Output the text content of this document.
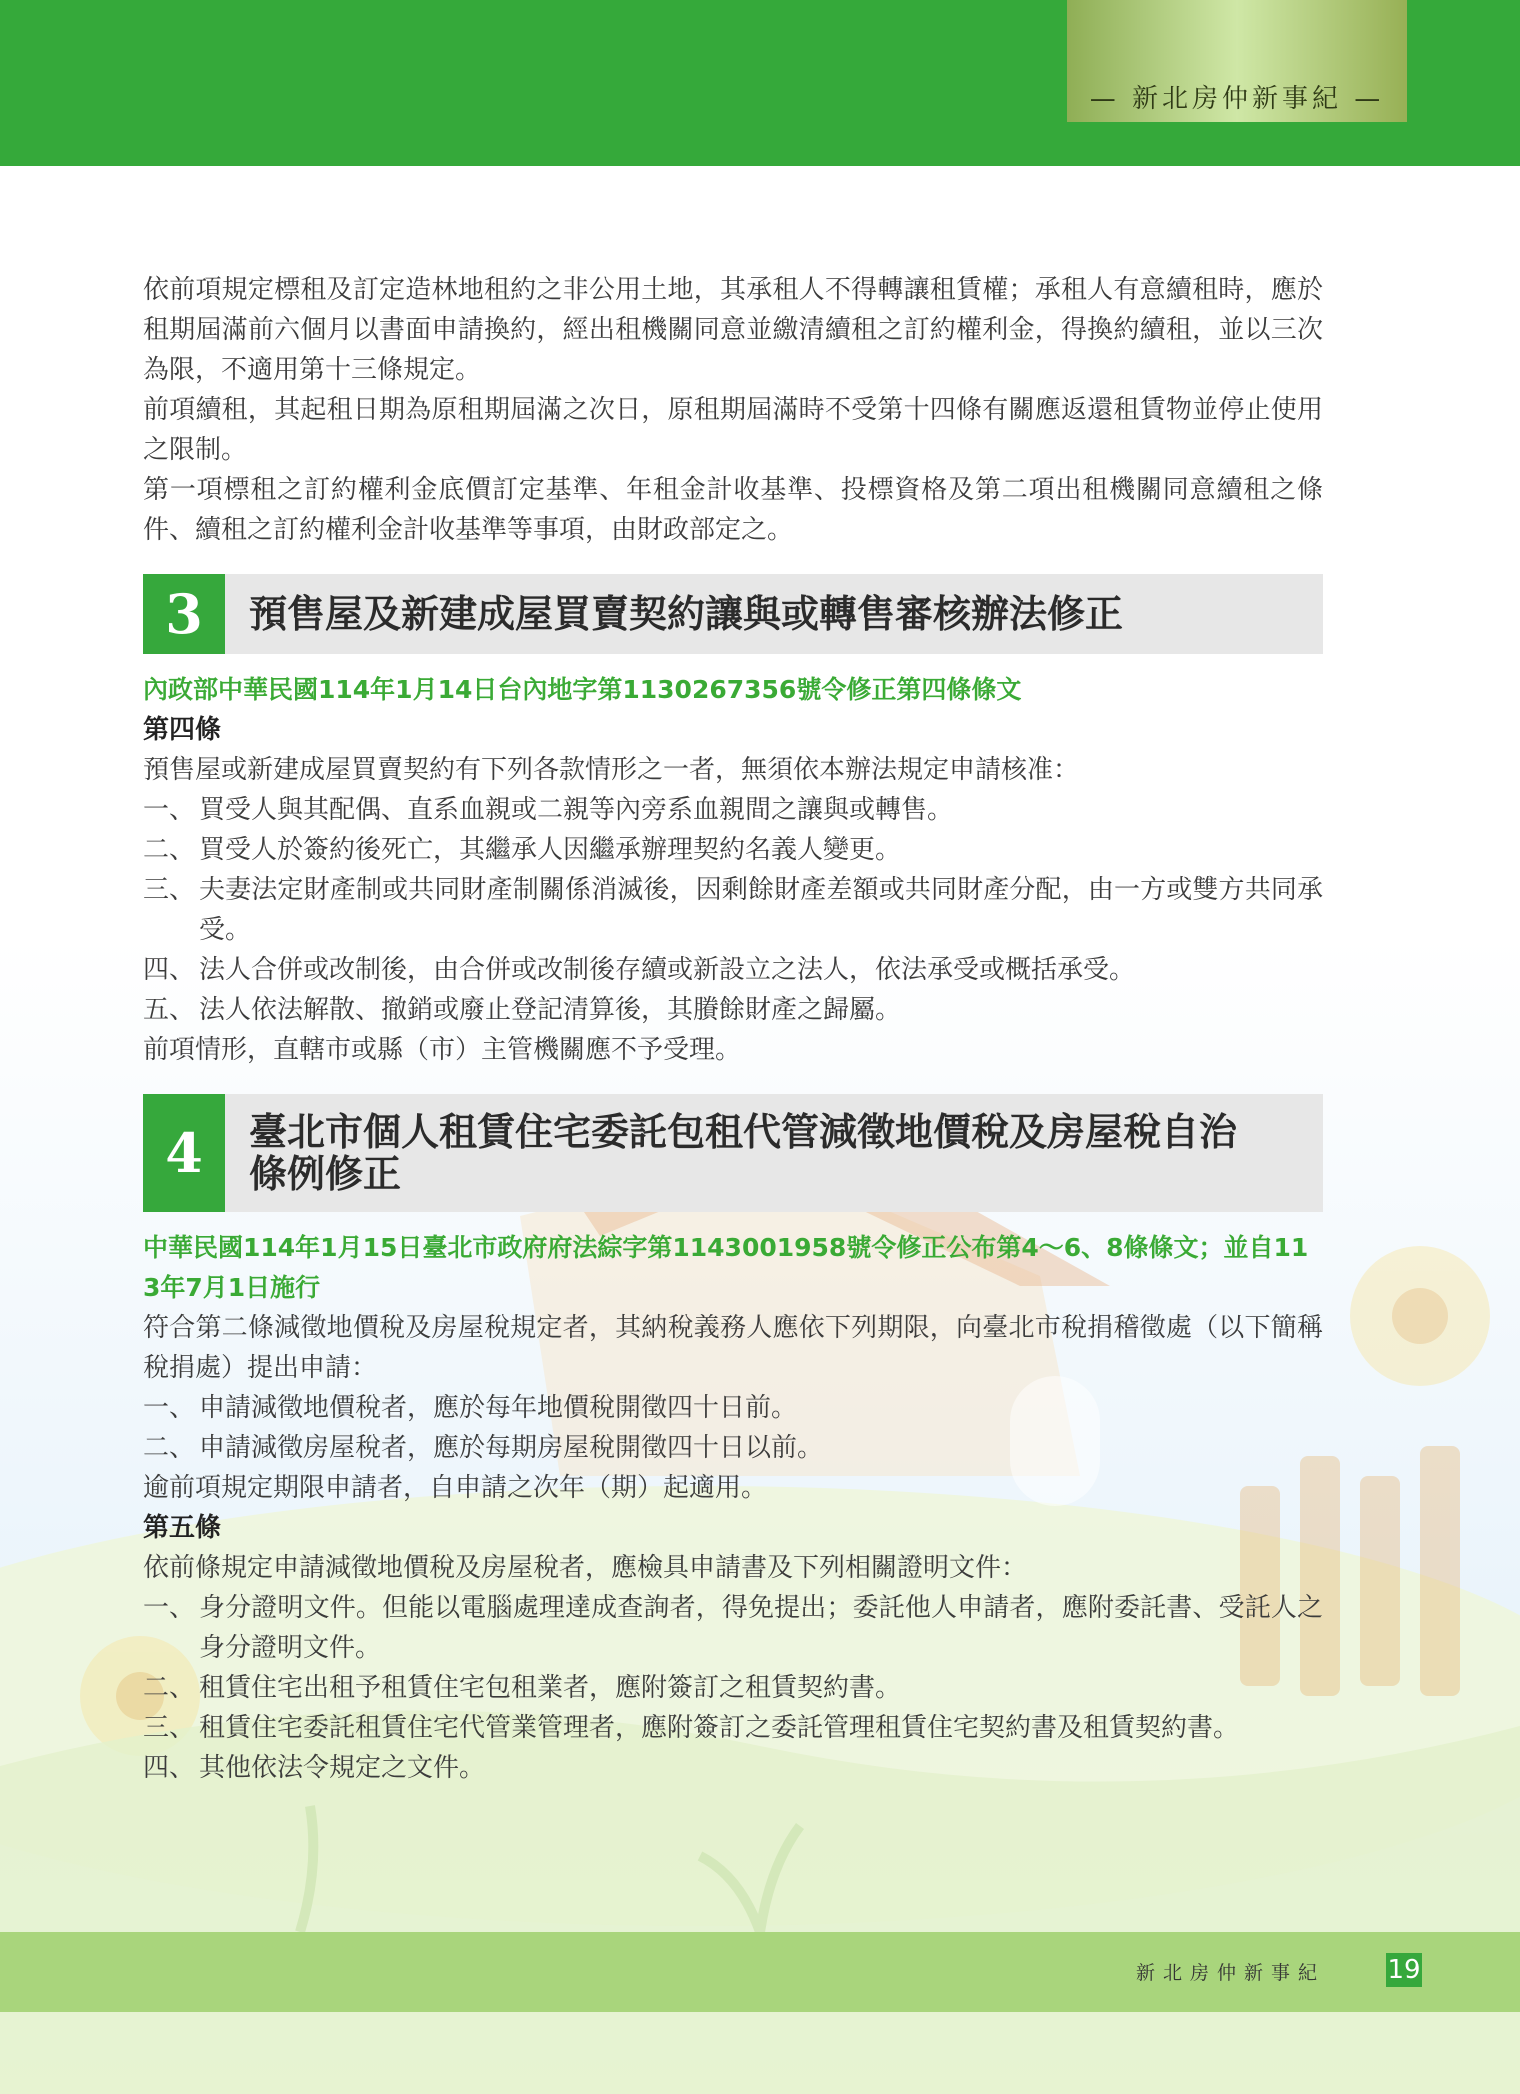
— 新北房仲新事紀 —

依前項規定標租及訂定造林地租約之非公用土地，其承租人不得轉讓租賃權；承租人有意續租時，應於租期屆滿前六個月以書面申請換約，經出租機關同意並繳清續租之訂約權利金，得換約續租，並以三次為限，不適用第十三條規定。

前項續租，其起租日期為原租期屆滿之次日，原租期屆滿時不受第十四條有關應返還租賃物並停止使用之限制。

第一項標租之訂約權利金底價訂定基準、年租金計收基準、投標資格及第二項出租機關同意續租之條件、續租之訂約權利金計收基準等事項，由財政部定之。

3	預售屋及新建成屋買賣契約讓與或轉售審核辦法修正

內政部中華民國114年1月14日台內地字第1130267356號令修正第四條條文

第四條

預售屋或新建成屋買賣契約有下列各款情形之一者，無須依本辦法規定申請核准：

一、 買受人與其配偶、直系血親或二親等內旁系血親間之讓與或轉售。
二、 買受人於簽約後死亡，其繼承人因繼承辦理契約名義人變更。
三、 夫妻法定財產制或共同財產制關係消滅後，因剩餘財產差額或共同財產分配，由一方或雙方共同承受。
四、 法人合併或改制後，由合併或改制後存續或新設立之法人，依法承受或概括承受。
五、 法人依法解散、撤銷或廢止登記清算後，其賸餘財產之歸屬。

前項情形，直轄市或縣（市）主管機關應不予受理。

4	臺北市個人租賃住宅委託包租代管減徵地價稅及房屋稅自治
條例修正

中華民國114年1月15日臺北市政府府法綜字第1143001958號令修正公布第4～6、8條條文；並自113年7月1日施行

符合第二條減徵地價稅及房屋稅規定者，其納稅義務人應依下列期限，向臺北市稅捐稽徵處（以下簡稱稅捐處）提出申請：

一、 申請減徵地價稅者，應於每年地價稅開徵四十日前。
二、 申請減徵房屋稅者，應於每期房屋稅開徵四十日以前。

逾前項規定期限申請者，自申請之次年（期）起適用。

第五條

依前條規定申請減徵地價稅及房屋稅者，應檢具申請書及下列相關證明文件：

一、 身分證明文件。但能以電腦處理達成查詢者，得免提出；委託他人申請者，應附委託書、受託人之身分證明文件。
二、 租賃住宅出租予租賃住宅包租業者，應附簽訂之租賃契約書。
三、 租賃住宅委託租賃住宅代管業管理者，應附簽訂之委託管理租賃住宅契約書及租賃契約書。
四、 其他依法令規定之文件。
新北房仲新事紀 19
